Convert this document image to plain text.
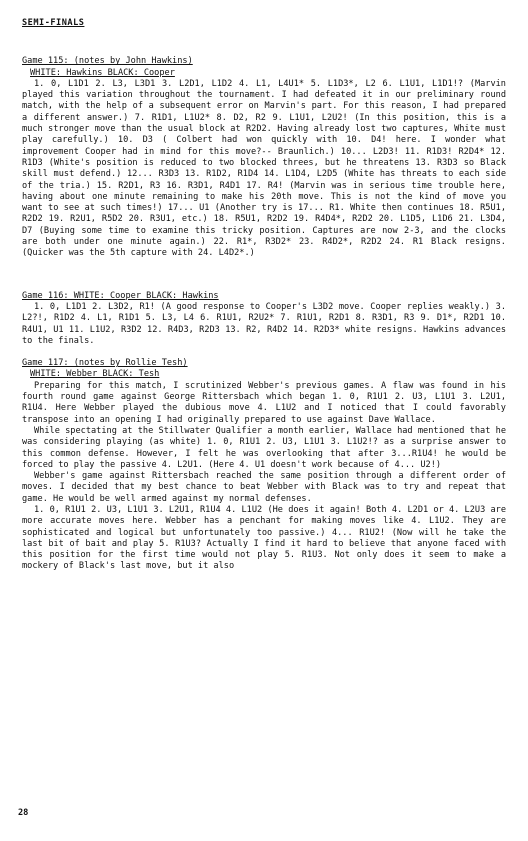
SEMI-FINALS
Game 115: (notes by John Hawkins)
WHITE: Hawkins BLACK: Cooper

1. 0, L1D1 2. L3, L3D1 3. L2D1, L1D2 4. L1, L4U1* 5. L1D3*, L2 6. L1U1, L1D1!? (Marvin played this variation throughout the tournament. I had defeated it in our preliminary round match, with the help of a subsequent error on Marvin's part. For this reason, I had prepared a different answer.) 7. R1D1, L1U2* 8. D2, R2 9. L1U1, L2U2! (In this position, this is a much stronger move than the usual block at R2D2. Having already lost two captures, White must play carefully.) 10. D3 ( Colbert had won quickly with 10. D4! here. I wonder what improvement Cooper had in mind for this move?-- Braunlich.) 10... L2D3! 11. R1D3! R2D4* 12. R1D3 (White's position is reduced to two blocked threes, but he threatens 13. R3D3 so Black skill must defend.) 12... R3D3 13. R1D2, R1D4 14. L1D4, L2D5 (White has threats to each side of the tria.) 15. R2D1, R3 16. R3D1, R4D1 17. R4! (Marvin was in serious time trouble here, having about one minute remaining to make his 20th move. This is not the kind of move you want to see at such times!) 17... U1 (Another try is 17... R1. White then continues 18. R5U1, R2D2 19. R2U1, R5D2 20. R3U1, etc.) 18. R5U1, R2D2 19. R4D4*, R2D2 20. L1D5, L1D6 21. L3D4, D7 (Buying some time to examine this tricky position. Captures are now 2-3, and the clocks are both under one minute again.) 22. R1*, R3D2* 23. R4D2*, R2D2 24. R1 Black resigns. (Quicker was the 5th capture with 24. L4D2*.)

Game 116: WHITE: Cooper BLACK: Hawkins

1. 0, L1D1 2. L3D2, R1! (A good response to Cooper's L3D2 move. Cooper replies weakly.) 3. L2?!, R1D2 4. L1, R1D1 5. L3, L4 6. R1U1, R2U2* 7. R1U1, R2D1 8. R3D1, R3 9. D1*, R2D1 10. R4U1, U1 11. L1U2, R3D2 12. R4D3, R2D3 13. R2, R4D2 14. R2D3* white resigns. Hawkins advances to the finals.

Game 117: (notes by Rollie Tesh)
WHITE: Webber BLACK: Tesh

Preparing for this match, I scrutinized Webber's previous games. A flaw was found in his fourth round game against George Rittersbach which began 1. 0, R1U1 2. U3, L1U1 3. L2U1, R1U4. Here Webber played the dubious move 4. L1U2 and I noticed that I could favorably transpose into an opening I had originally prepared to use against Dave Wallace.

While spectating at the Stillwater Qualifier a month earlier, Wallace had mentioned that he was considering playing (as white) 1. 0, R1U1 2. U3, L1U1 3. L1U2!? as a surprise answer to this common defense. However, I felt he was overlooking that after 3...R1U4! he would be forced to play the passive 4. L2U1. (Here 4. U1 doesn't work because of 4... U2!)

Webber's game against Rittersbach reached the same position through a different order of moves. I decided that my best chance to beat Webber with Black was to try and repeat that game. He would be well armed against my normal defenses.

1. 0, R1U1 2. U3, L1U1 3. L2U1, R1U4 4. L1U2 (He does it again! Both 4. L2D1 or 4. L2U3 are more accurate moves here. Webber has a penchant for making moves like 4. L1U2. They are sophisticated and logical but unfortunately too passive.) 4... R1U2! (Now will he take the last bit of bait and play 5. R1U3? Actually I find it hard to believe that anyone faced with this position for the first time would not play 5. R1U3. Not only does it seem to make a mockery of Black's last move, but it also

28
